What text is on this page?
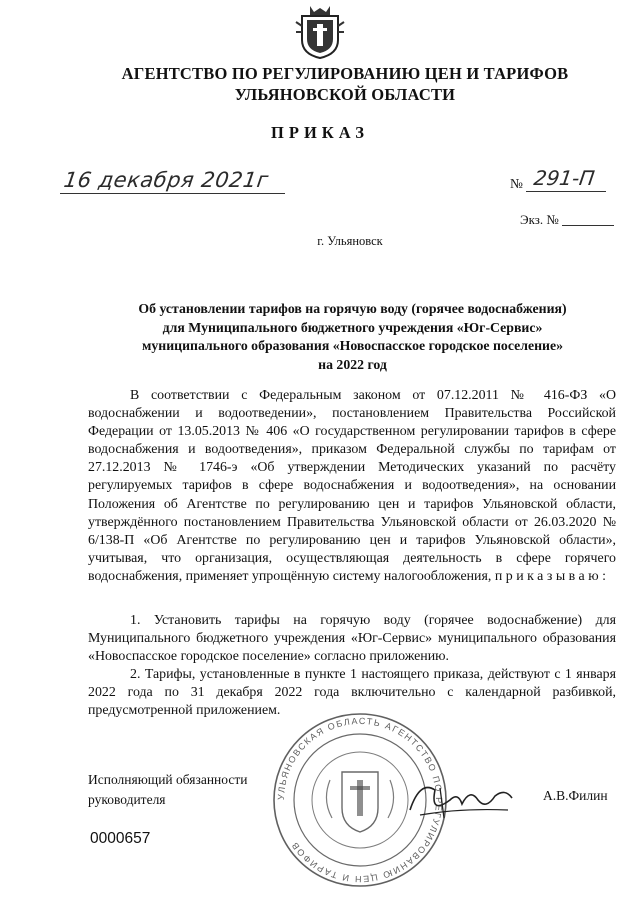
АГЕНТСТВО ПО РЕГУЛИРОВАНИЮ ЦЕН И ТАРИФОВ
УЛЬЯНОВСКОЙ ОБЛАСТИ
ПРИКАЗ
16 декабря 2021г	№ 291-П
Экз. №
г. Ульяновск
Об установлении тарифов на горячую воду (горячее водоснабжения)
для Муниципального бюджетного учреждения «Юг-Сервис»
муниципального образования «Новоспасское городское поселение»
на 2022 год
В соответствии с Федеральным законом от 07.12.2011 № 416-ФЗ «О водоснабжении и водоотведении», постановлением Правительства Российской Федерации от 13.05.2013 № 406 «О государственном регулировании тарифов в сфере водоснабжения и водоотведения», приказом Федеральной службы по тарифам от 27.12.2013 № 1746-э «Об утверждении Методических указаний по расчёту регулируемых тарифов в сфере водоснабжения и водоотведения», на основании Положения об Агентстве по регулированию цен и тарифов Ульяновской области, утверждённого постановлением Правительства Ульяновской области от 26.03.2020 № 6/138-П «Об Агентстве по регулированию цен и тарифов Ульяновской области», учитывая, что организация, осуществляющая деятельность в сфере горячего водоснабжения, применяет упрощённую систему налогообложения, приказываю:
1. Установить тарифы на горячую воду (горячее водоснабжение) для Муниципального бюджетного учреждения «Юг-Сервис» муниципального образования «Новоспасское городское поселение» согласно приложению.
2. Тарифы, установленные в пункте 1 настоящего приказа, действуют с 1 января 2022 года по 31 декабря 2022 года включительно с календарной разбивкой, предусмотренной приложением.
УЛЬЯНОВСКАЯ ОБЛАСТЬ АГЕНТСТВО ПО РЕГУЛИРОВАНИЮ ЦЕН И ТАРИФОВ
Исполняющий обязанности
руководителя	А.В.Филин
0000657
